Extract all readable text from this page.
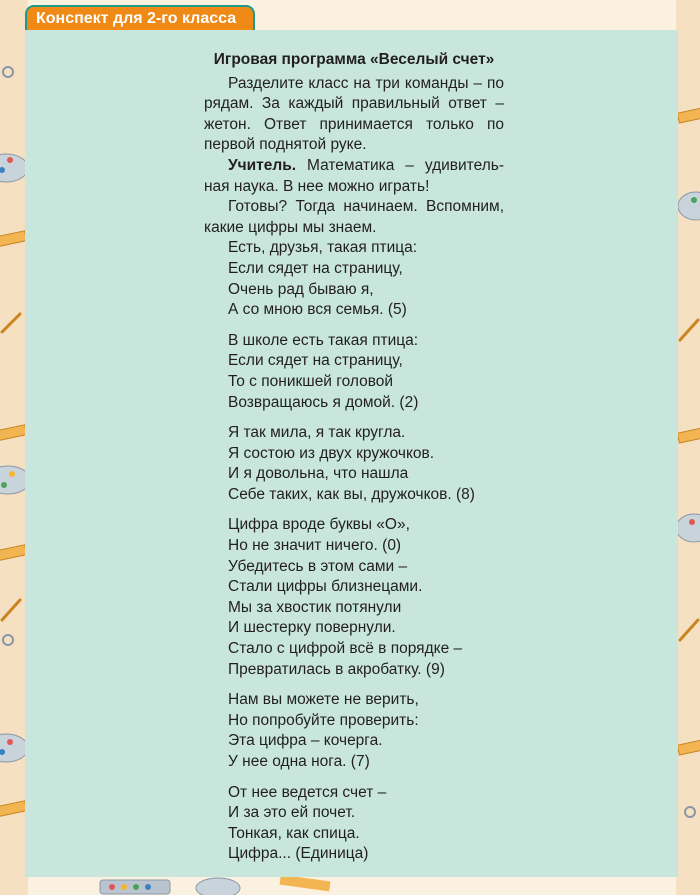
Конспект для 2-го класса
Игровая программа «Веселый счет»

Разделите класс на три команды – по рядам. За каждый правильный ответ – жетон. Ответ принимается только по первой поднятой руке.

Учитель. Математика – удивительная наука. В нее можно играть!

Готовы? Тогда начинаем. Вспомним, какие цифры мы знаем.

Есть, друзья, такая птица:
Если сядет на страницу,
Очень рад бываю я,
А со мною вся семья. (5)
В школе есть такая птица:
Если сядет на страницу,
То с поникшей головой
Возвращаюсь я домой. (2)
Я так мила, я так кругла.
Я состою из двух кружочков.
И я довольна, что нашла
Себе таких, как вы, дружочков. (8)
Цифра вроде буквы «О»,
Но не значит ничего. (0)
Убедитесь в этом сами –
Стали цифры близнецами.
Мы за хвостик потянули
И шестерку повернули.
Стало с цифрой всё в порядке –
Превратилась в акробатку. (9)
Нам вы можете не верить,
Но попробуйте проверить:
Эта цифра – кочерга.
У нее одна нога. (7)
От нее ведется счет –
И за это ей почет.
Тонкая, как спица.
Цифра... (Единица)
